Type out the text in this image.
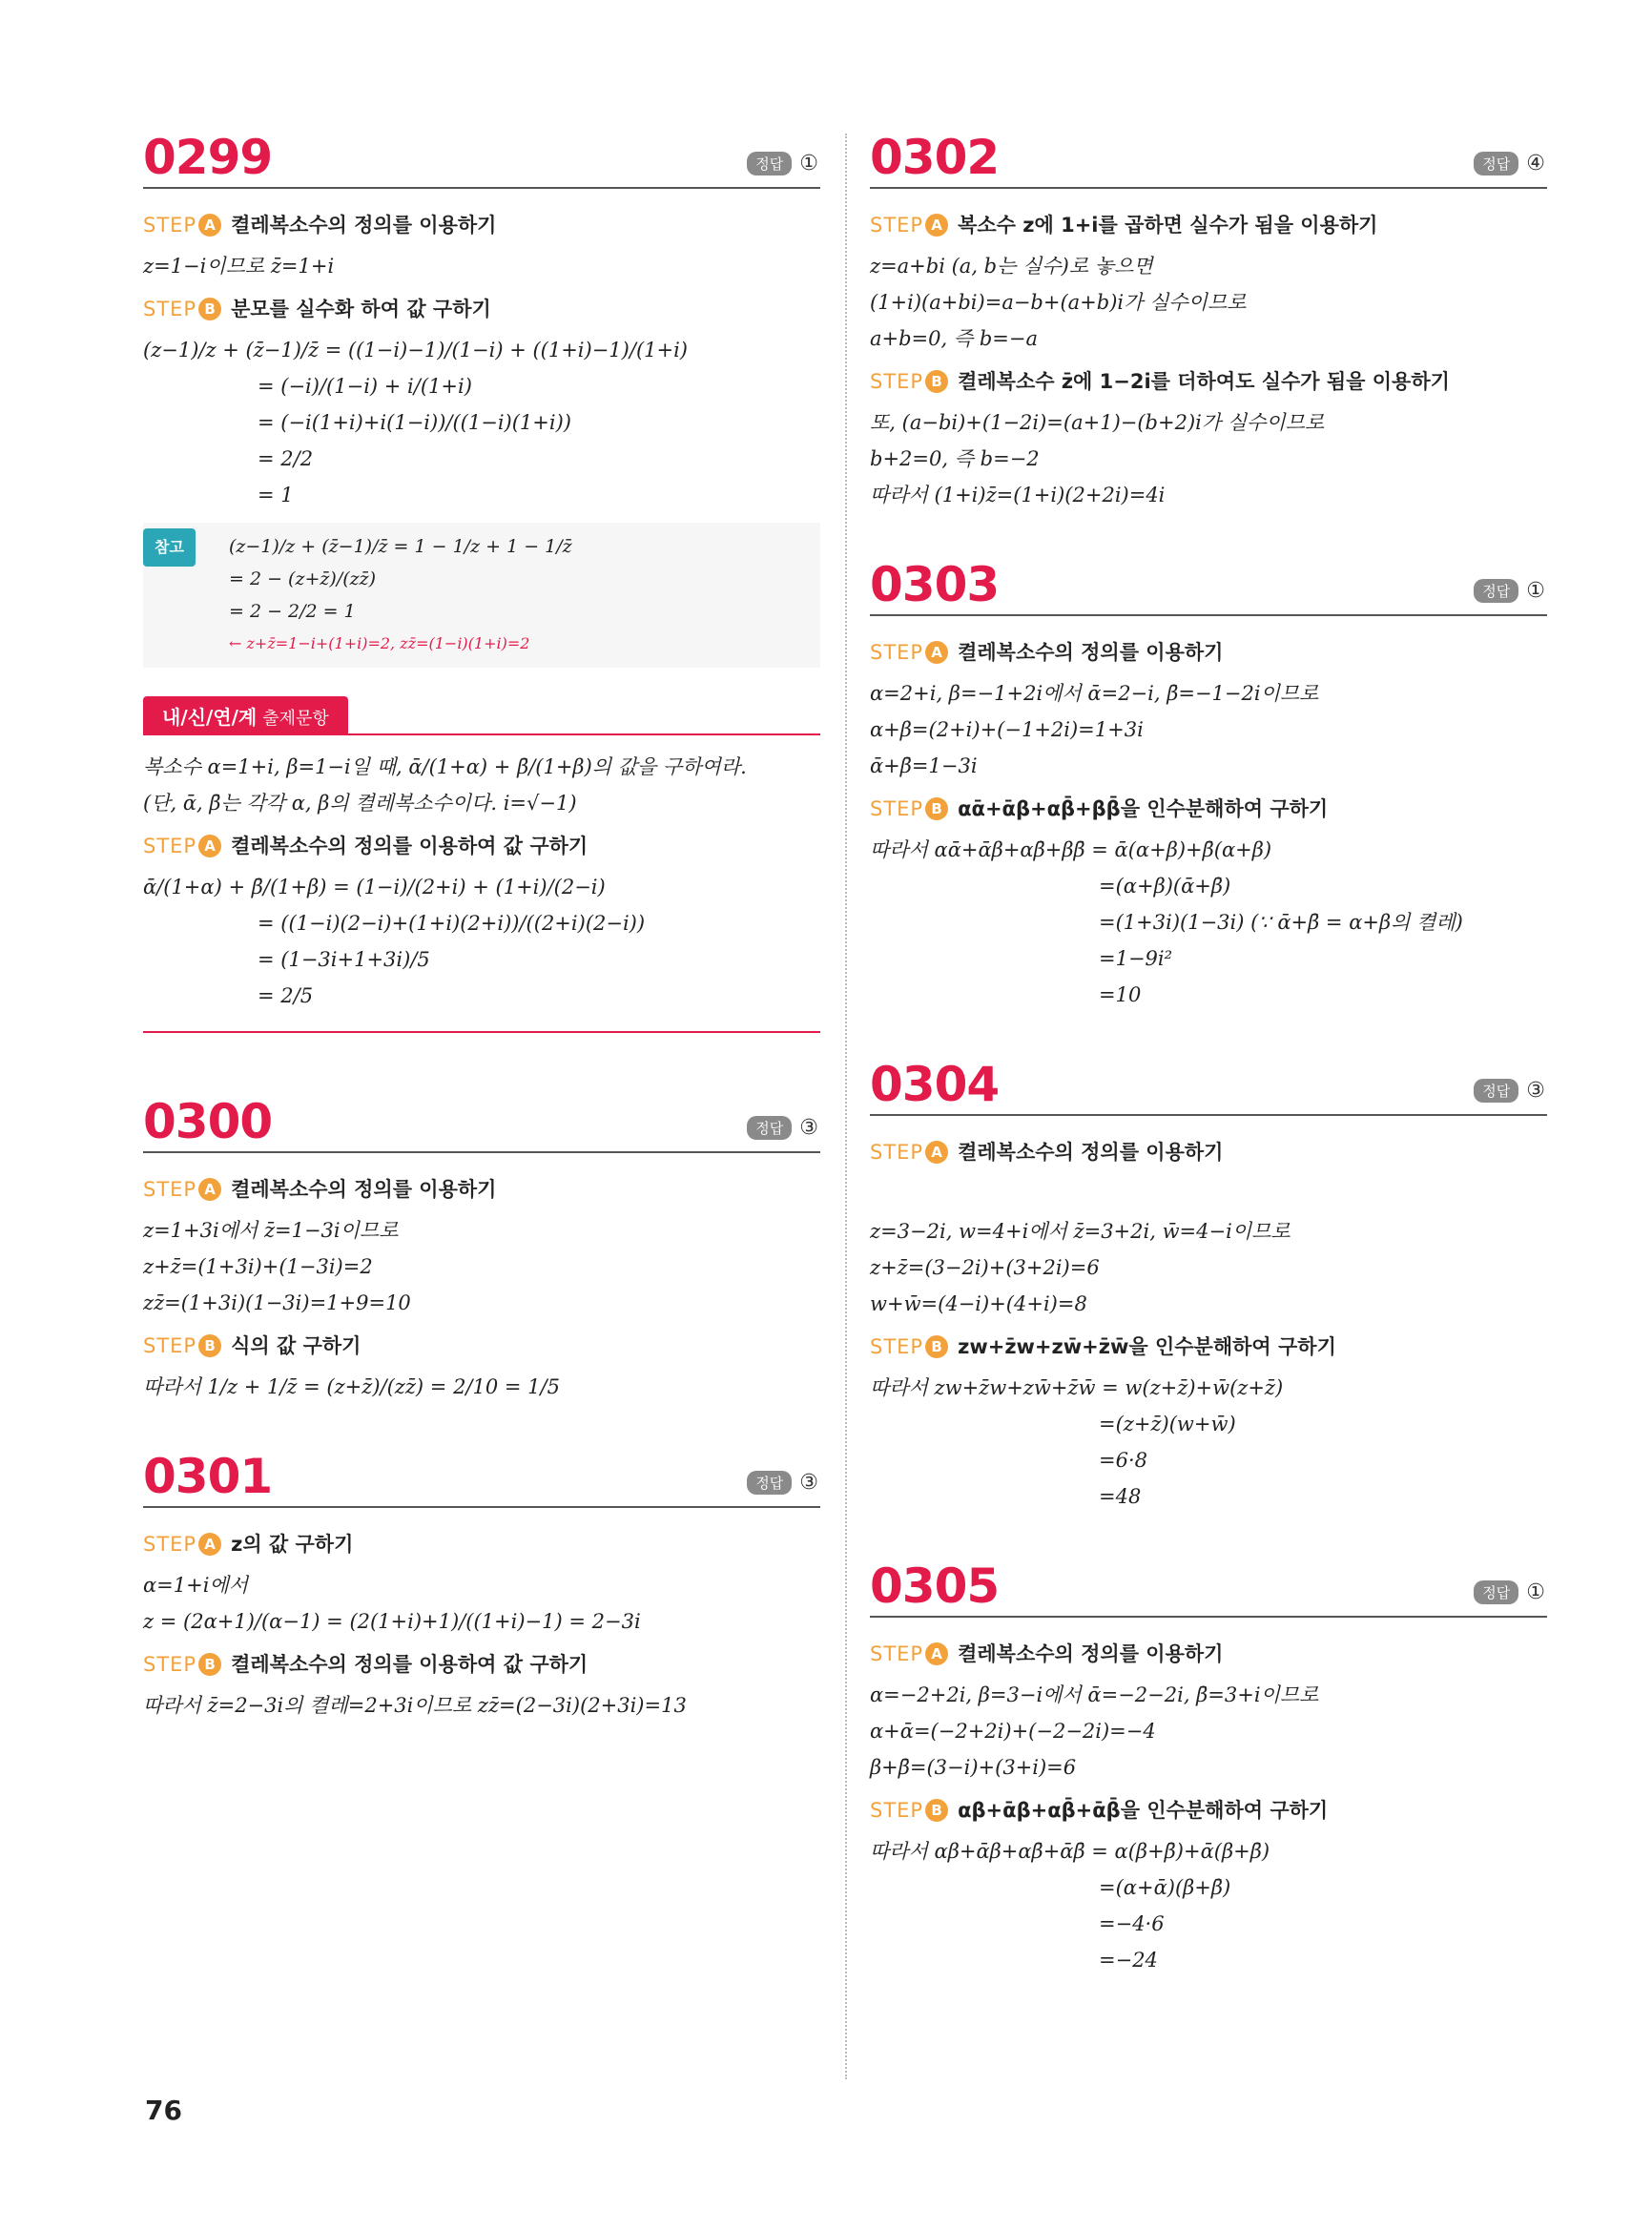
0299	정답 ①
STEP A 켤레복소수의 정의를 이용하기
z=1−i이므로 z̄=1+i
STEP B 분모를 실수화 하여 값 구하기
(z−1)/z + (z̄−1)/z̄ = ((1−i)−1)/(1−i) + ((1+i)−1)/(1+i)
= (−i)/(1−i) + i/(1+i)
= (−i(1+i)+i(1−i))/((1−i)(1+i))
= 2/2
= 1
참고	(z−1)/z + (z̄−1)/z̄ = 1 − 1/z + 1 − 1/z̄
= 2 − (z+z̄)/(zz̄)
= 2 − 2/2 = 1
← z+z̄=1−i+(1+i)=2, zz̄=(1−i)(1+i)=2
내/신/연/계 출제문항
복소수 α=1+i, β=1−i일 때, ᾱ/(1+α) + β̄/(1+β)의 값을 구하여라.
(단, ᾱ, β̄는 각각 α, β의 켤레복소수이다. i=√−1)
STEP A 켤레복소수의 정의를 이용하여 값 구하기
ᾱ/(1+α) + β̄/(1+β) = (1−i)/(2+i) + (1+i)/(2−i)
= ((1−i)(2−i)+(1+i)(2+i))/((2+i)(2−i))
= (1−3i+1+3i)/5
= 2/5
0300	정답 ③
STEP A 켤레복소수의 정의를 이용하기
z=1+3i에서 z̄=1−3i이므로
z+z̄=(1+3i)+(1−3i)=2
zz̄=(1+3i)(1−3i)=1+9=10
STEP B 식의 값 구하기
따라서 1/z + 1/z̄ = (z+z̄)/(zz̄) = 2/10 = 1/5
0301	정답 ③
STEP A z의 값 구하기
α=1+i에서
z = (2α+1)/(α−1) = (2(1+i)+1)/((1+i)−1) = 2−3i
STEP B 켤레복소수의 정의를 이용하여 값 구하기
따라서 z̄=2−3i의 켤레=2+3i이므로 zz̄=(2−3i)(2+3i)=13
0302	정답 ④
STEP A 복소수 z에 1+i를 곱하면 실수가 됨을 이용하기
z=a+bi (a, b는 실수)로 놓으면
(1+i)(a+bi)=a−b+(a+b)i가 실수이므로
a+b=0, 즉 b=−a
STEP B 켤레복소수 z̄에 1−2i를 더하여도 실수가 됨을 이용하기
또, (a−bi)+(1−2i)=(a+1)−(b+2)i가 실수이므로
b+2=0, 즉 b=−2
따라서 (1+i)z̄=(1+i)(2+2i)=4i
0303	정답 ①
STEP A 켤레복소수의 정의를 이용하기
α=2+i, β=−1+2i에서 ᾱ=2−i, β̄=−1−2i이므로
α+β=(2+i)+(−1+2i)=1+3i
ᾱ+β̄=1−3i
STEP B αᾱ+ᾱβ+αβ̄+ββ̄을 인수분해하여 구하기
따라서 αᾱ+ᾱβ+αβ̄+ββ̄ = ᾱ(α+β)+β̄(α+β)
=(α+β)(ᾱ+β̄)
=(1+3i)(1−3i) (∵ ᾱ+β̄ = α+β의 켤레)
=1−9i²
=10
0304	정답 ③
STEP A 켤레복소수의 정의를 이용하기
z=3−2i, w=4+i에서 z̄=3+2i, w̄=4−i이므로
z+z̄=(3−2i)+(3+2i)=6
w+w̄=(4−i)+(4+i)=8
STEP B zw+z̄w+zw̄+z̄w̄을 인수분해하여 구하기
따라서 zw+z̄w+zw̄+z̄w̄ = w(z+z̄)+w̄(z+z̄)
=(z+z̄)(w+w̄)
=6·8
=48
0305	정답 ①
STEP A 켤레복소수의 정의를 이용하기
α=−2+2i, β=3−i에서 ᾱ=−2−2i, β̄=3+i이므로
α+ᾱ=(−2+2i)+(−2−2i)=−4
β+β̄=(3−i)+(3+i)=6
STEP B αβ+ᾱβ+αβ̄+ᾱβ̄을 인수분해하여 구하기
따라서 αβ+ᾱβ+αβ̄+ᾱβ̄ = α(β+β̄)+ᾱ(β+β̄)
=(α+ᾱ)(β+β̄)
=−4·6
=−24
76
